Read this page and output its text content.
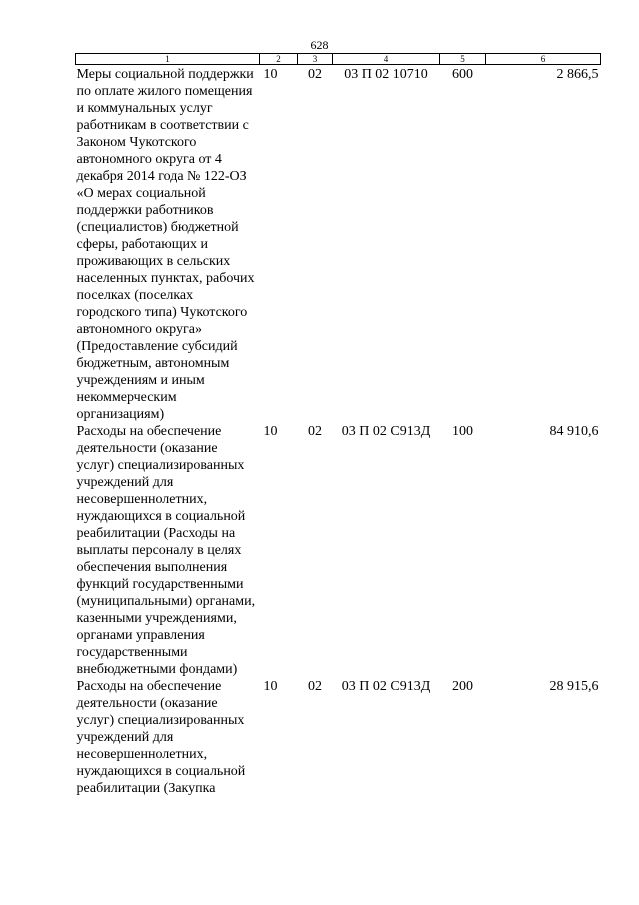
628
1	2	3	4	5	6
Меры социальной поддержки по оплате жилого помещения и коммунальных услуг работникам в соответствии с Законом Чукотского автономного округа от 4 декабря 2014 года № 122-ОЗ «О мерах социальной поддержки работников (специалистов) бюджетной сферы, работающих и проживающих в сельских населенных пунктах, рабочих поселках (поселках городского типа) Чукотского автономного округа» (Предоставление субсидий бюджетным, автономным учреждениям и иным некоммерческим организациям)	10	02	03 П 02 10710	600	2 866,5
Расходы на обеспечение деятельности (оказание услуг) специализированных учреждений для несовершеннолетних, нуждающихся в социальной реабилитации (Расходы на выплаты персоналу в целях обеспечения выполнения функций государственными (муниципальными) органами, казенными учреждениями, органами управления государственными внебюджетными фондами)	10	02	03 П 02 С913Д	100	84 910,6
Расходы на обеспечение деятельности (оказание услуг) специализированных учреждений для несовершеннолетних, нуждающихся в социальной реабилитации (Закупка	10	02	03 П 02 С913Д	200	28 915,6
